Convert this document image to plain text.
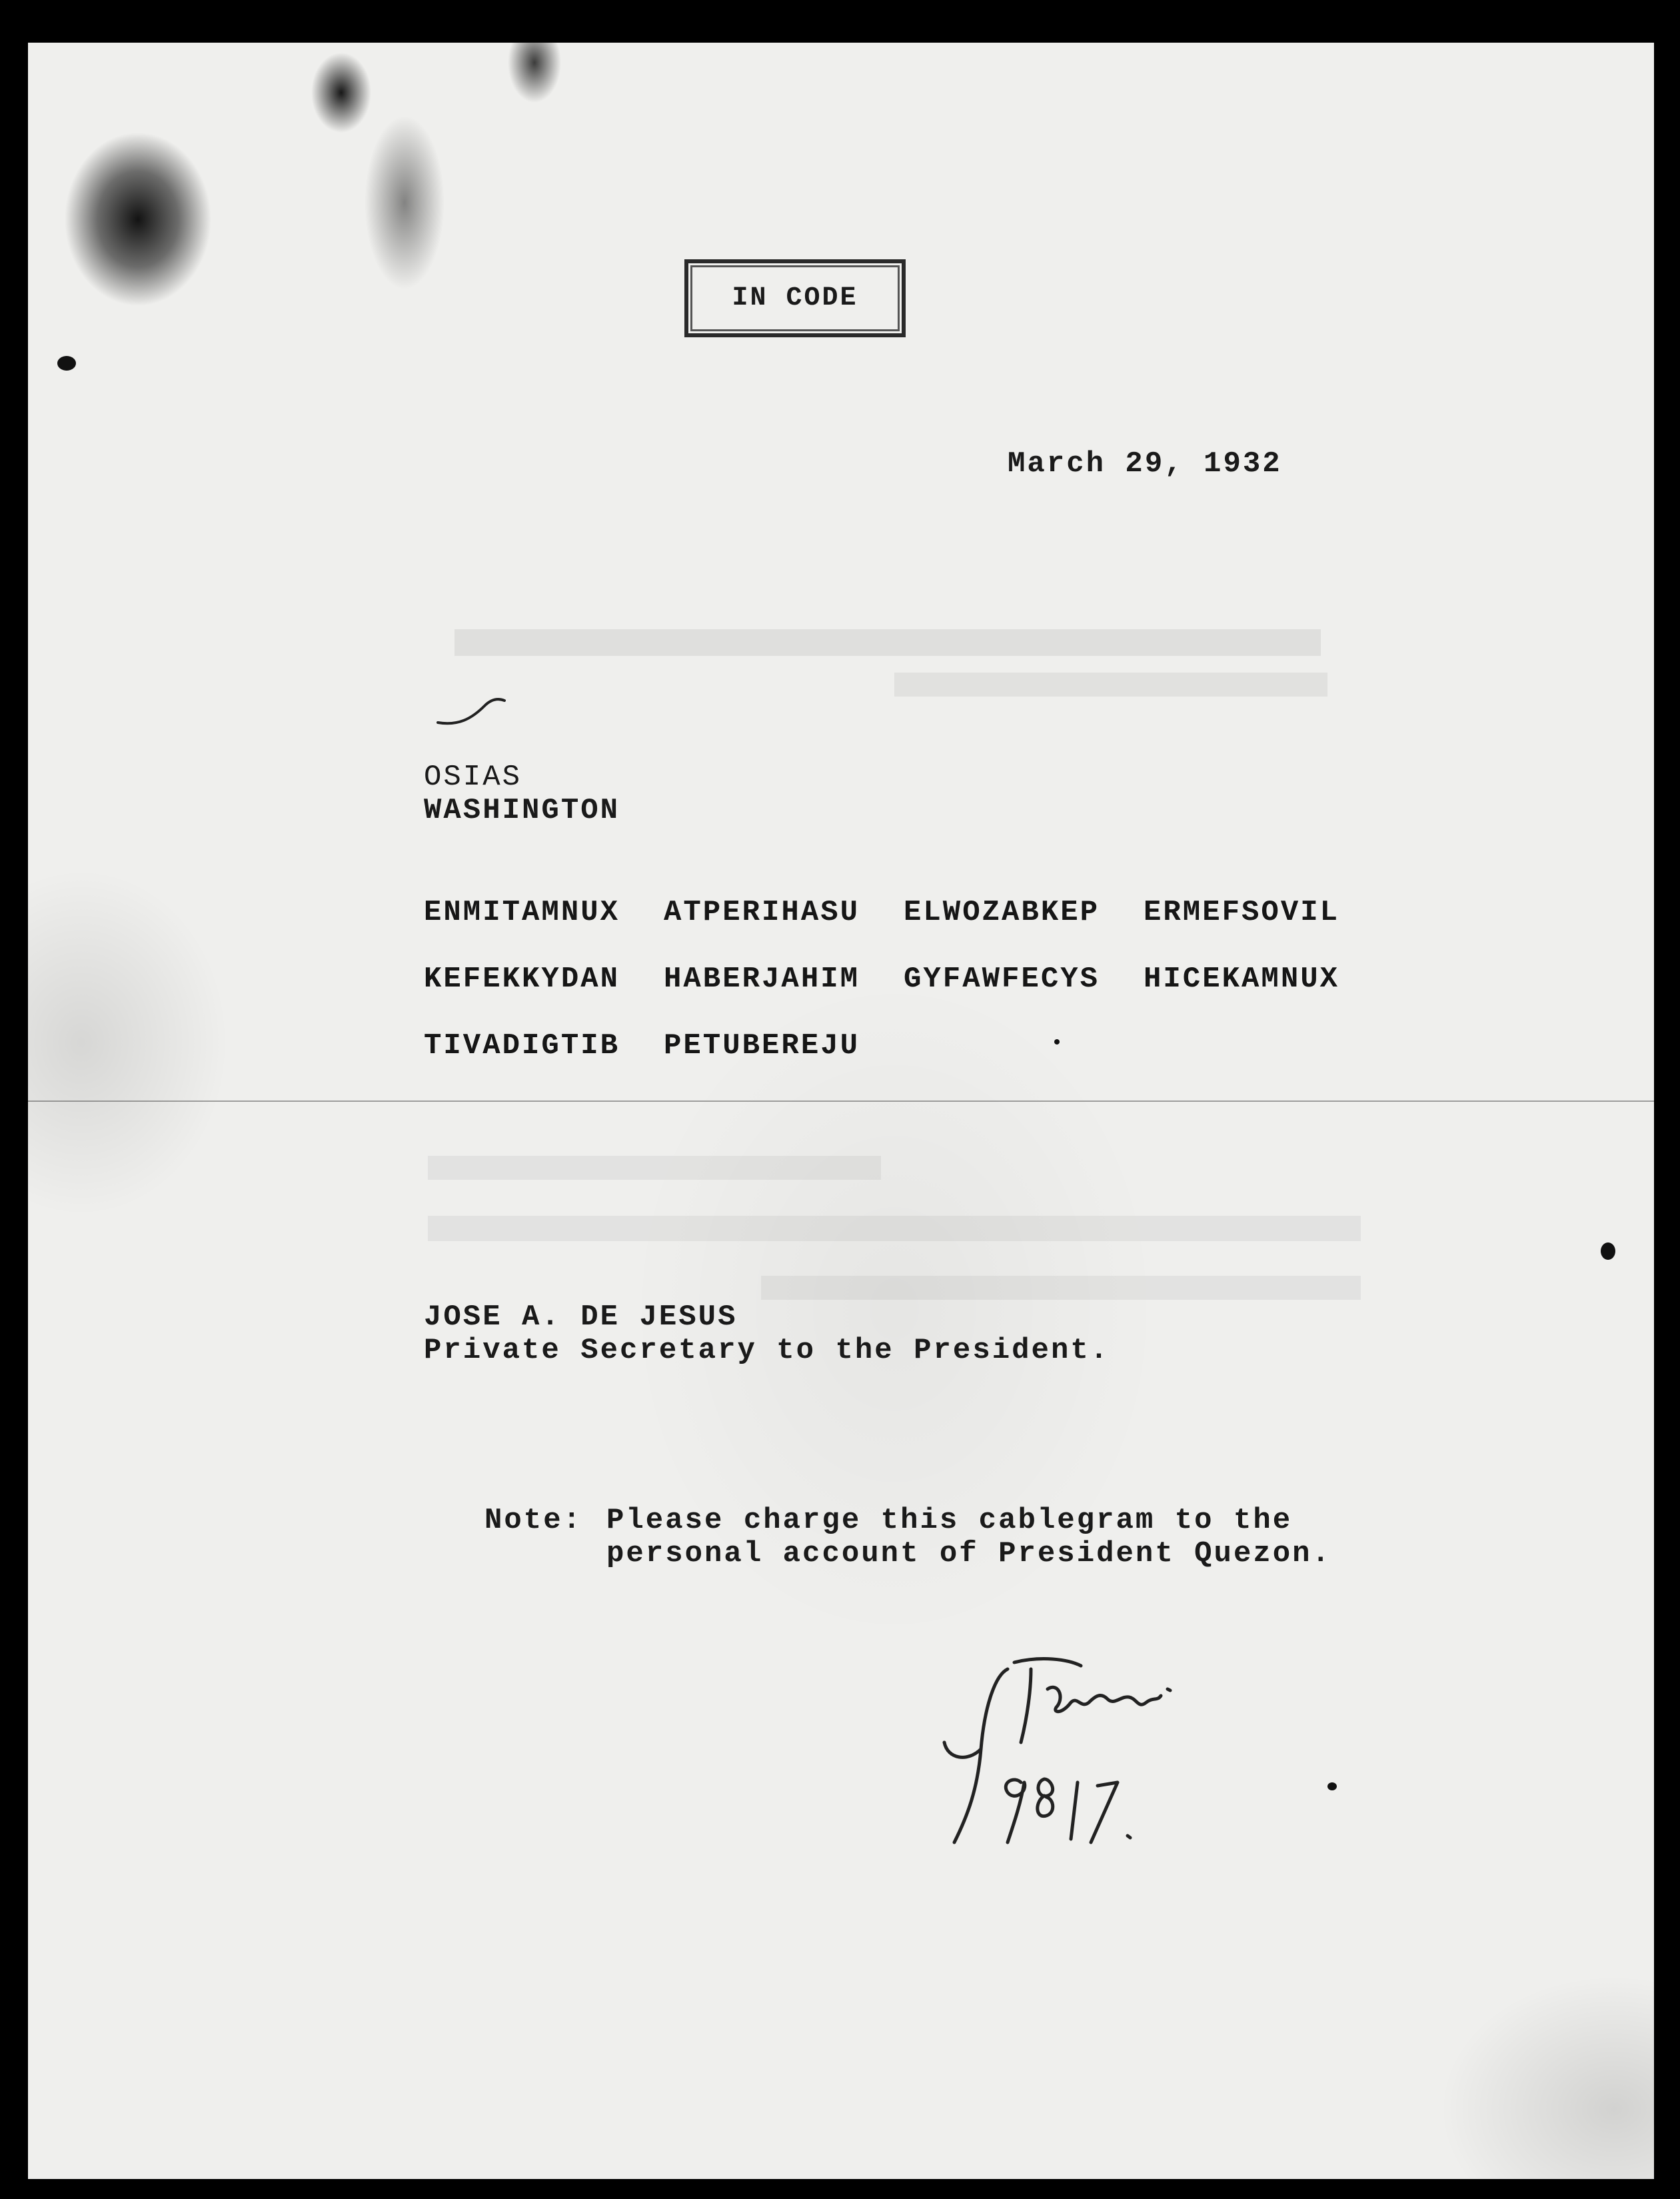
IN CODE
March 29, 1932
OSIAS
WASHINGTON
ENMITAMNUX	ATPERIHASU	ELWOZABKEP	ERMEFSOVIL
KEFEKKYDAN	HABERJAHIM	GYFAWFECYS	HICEKAMNUX
TIVADIGTIB	PETUBEREJU
JOSE A. DE JESUS
Private Secretary to the President.
Note: Please charge this cablegram to the
personal account of President Quezon.
